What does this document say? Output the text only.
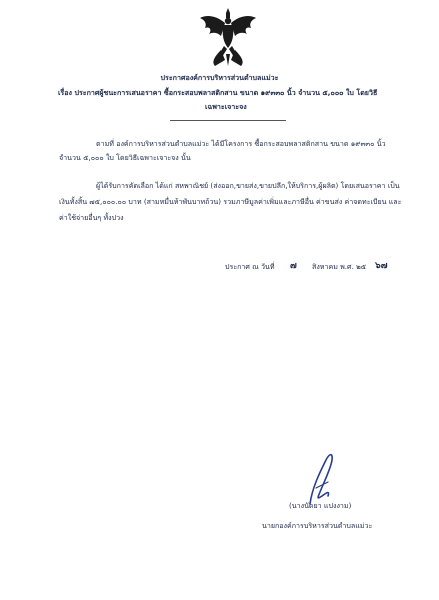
ประกาศองค์การบริหารส่วนตำบลแม่วะ
เรื่อง ประกาศผู้ชนะการเสนอราคา ซื้อกระสอบพลาสติกสาน ขนาด ๑๙๓๓๐ นิ้ว จำนวน ๕,๐๐๐ ใบ โดยวิธี
เฉพาะเจาะจง
ตามที่ องค์การบริหารส่วนตำบลแม่วะ ได้มีโครงการ ซื้อกระสอบพลาสติกสาน ขนาด ๑๙๓๓๐ นิ้ว
จำนวน ๕,๐๐๐ ใบ โดยวิธีเฉพาะเจาะจง นั้น
ผู้ได้รับการคัดเลือก ได้แก่ สหพาณิชย์ (ส่งออก,ขายส่ง,ขายปลีก,ให้บริการ,ผู้ผลิต) โดยเสนอราคา เป็น
เงินทั้งสิ้น ๗๕,๐๐๐.๐๐ บาท (สามหมื่นห้าพันบาทถ้วน) รวมภาษีมูลค่าเพิ่มและภาษีอื่น ค่าขนส่ง ค่าจดทะเบียน และ
ค่าใช้จ่ายอื่นๆ ทั้งปวง
ประกาศ ณ วันที่ ๗ สิงหาคม พ.ศ. ๒๕ ๖๗
(นางนัดยา แปงงาม)
นายกองค์การบริหารส่วนตำบลแม่วะ
